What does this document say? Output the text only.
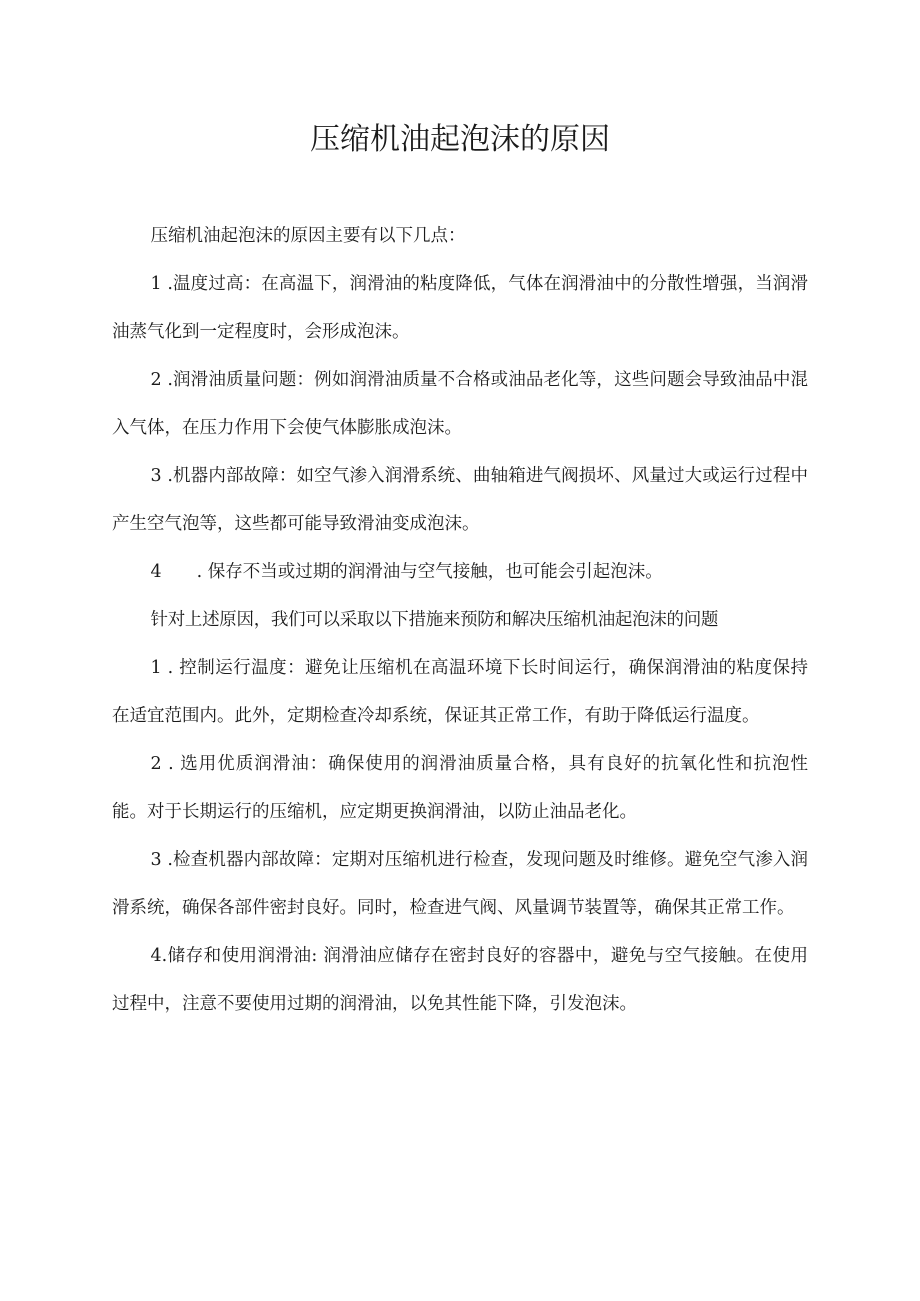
压缩机油起泡沫的原因

压缩机油起泡沫的原因主要有以下几点：

1 .温度过高：在高温下，润滑油的粘度降低，气体在润滑油中的分散性增强，当润滑油蒸气化到一定程度时，会形成泡沫。

2 .润滑油质量问题：例如润滑油质量不合格或油品老化等，这些问题会导致油品中混入气体，在压力作用下会使气体膨胀成泡沫。

3 .机器内部故障：如空气渗入润滑系统、曲轴箱进气阀损坏、风量过大或运行过程中产生空气泡等，这些都可能导致滑油变成泡沫。

4　　. 保存不当或过期的润滑油与空气接触，也可能会引起泡沫。

针对上述原因，我们可以采取以下措施来预防和解决压缩机油起泡沫的问题

1 . 控制运行温度：避免让压缩机在高温环境下长时间运行，确保润滑油的粘度保持在适宜范围内。此外，定期检查冷却系统，保证其正常工作，有助于降低运行温度。

2 . 选用优质润滑油：确保使用的润滑油质量合格，具有良好的抗氧化性和抗泡性能。对于长期运行的压缩机，应定期更换润滑油，以防止油品老化。

3 .检查机器内部故障：定期对压缩机进行检查，发现问题及时维修。避免空气渗入润滑系统，确保各部件密封良好。同时，检查进气阀、风量调节装置等，确保其正常工作。

4.储存和使用润滑油: 润滑油应储存在密封良好的容器中，避免与空气接触。在使用过程中，注意不要使用过期的润滑油，以免其性能下降，引发泡沫。
